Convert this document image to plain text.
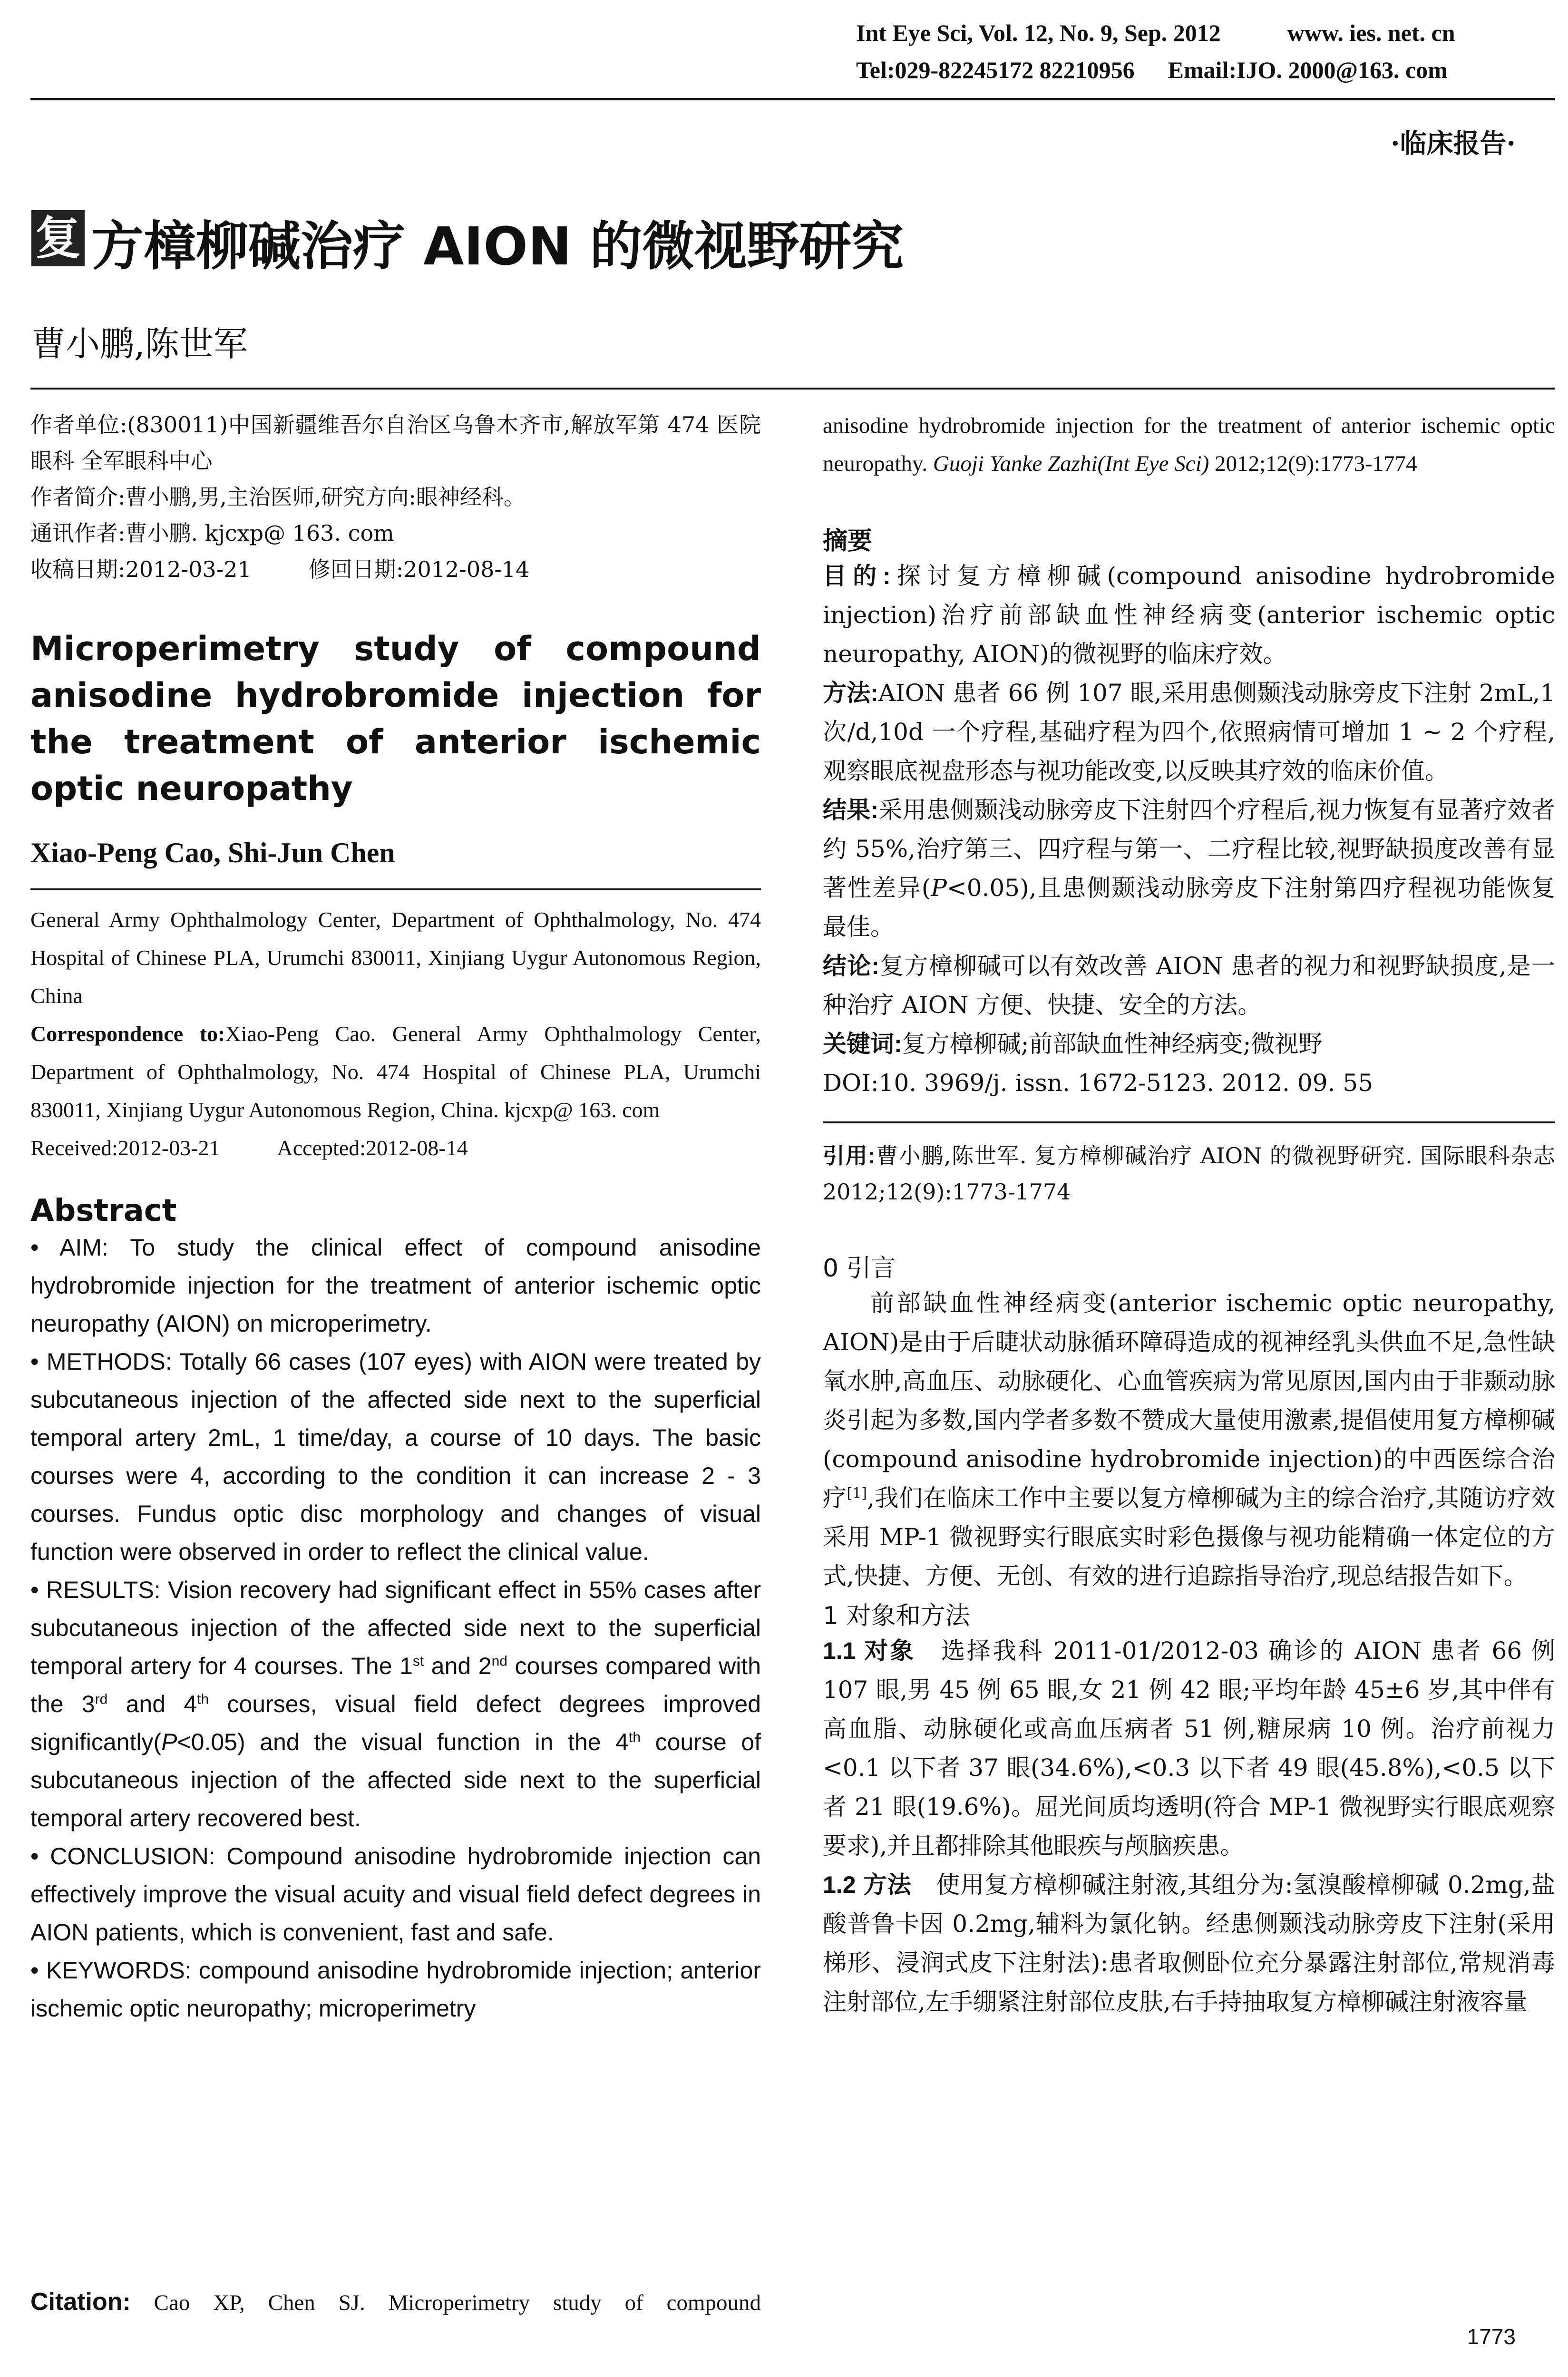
Int Eye Sci, Vol. 12, No. 9, Sep. 2012	www. ies. net. cn
Tel:029-82245172 82210956 Email:IJO. 2000@163. com
·临床报告·
复 方樟柳碱治疗 AION 的微视野研究
曹小鹏,陈世军

作者单位:(830011)中国新疆维吾尔自治区乌鲁木齐市,解放军第 474 医院眼科 全军眼科中心

作者简介:曹小鹏,男,主治医师,研究方向:眼神经科。

通讯作者:曹小鹏. kjcxp@ 163. com

收稿日期:2012-03-21	修回日期:2012-08-14

Microperimetry study of compound anisodine hydrobromide injection for the treatment of anterior ischemic optic neuropathy

Xiao-Peng Cao, Shi-Jun Chen

General Army Ophthalmology Center, Department of Ophthalmology, No. 474 Hospital of Chinese PLA, Urumchi 830011, Xinjiang Uygur Autonomous Region, China

Correspondence to:Xiao-Peng Cao. General Army Ophthalmology Center, Department of Ophthalmology, No. 474 Hospital of Chinese PLA, Urumchi 830011, Xinjiang Uygur Autonomous Region, China. kjcxp@ 163. com

Received:2012-03-21	Accepted:2012-08-14

Abstract

• AIM: To study the clinical effect of compound anisodine hydrobromide injection for the treatment of anterior ischemic optic neuropathy (AION) on microperimetry.

• METHODS: Totally 66 cases (107 eyes) with AION were treated by subcutaneous injection of the affected side next to the superficial temporal artery 2mL, 1 time/day, a course of 10 days. The basic courses were 4, according to the condition it can increase 2 - 3 courses. Fundus optic disc morphology and changes of visual function were observed in order to reflect the clinical value.

• RESULTS: Vision recovery had significant effect in 55% cases after subcutaneous injection of the affected side next to the superficial temporal artery for 4 courses. The 1st and 2nd courses compared with the 3rd and 4th courses, visual field defect degrees improved significantly(P<0.05) and the visual function in the 4th course of subcutaneous injection of the affected side next to the superficial temporal artery recovered best.

• CONCLUSION: Compound anisodine hydrobromide injection can effectively improve the visual acuity and visual field defect degrees in AION patients, which is convenient, fast and safe.

• KEYWORDS: compound anisodine hydrobromide injection; anterior ischemic optic neuropathy; microperimetry

Citation: Cao XP, Chen SJ. Microperimetry study of compound

anisodine hydrobromide injection for the treatment of anterior ischemic optic neuropathy. Guoji Yanke Zazhi(Int Eye Sci) 2012;12(9):1773-1774

摘要

目的:探讨复方樟柳碱(compound anisodine hydrobromide injection)治疗前部缺血性神经病变(anterior ischemic optic neuropathy, AION)的微视野的临床疗效。

方法:AION 患者 66 例 107 眼,采用患侧颞浅动脉旁皮下注射 2mL,1 次/d,10d 一个疗程,基础疗程为四个,依照病情可增加 1 ~ 2 个疗程,观察眼底视盘形态与视功能改变,以反映其疗效的临床价值。

结果:采用患侧颞浅动脉旁皮下注射四个疗程后,视力恢复有显著疗效者约 55%,治疗第三、四疗程与第一、二疗程比较,视野缺损度改善有显著性差异(P<0.05),且患侧颞浅动脉旁皮下注射第四疗程视功能恢复最佳。

结论:复方樟柳碱可以有效改善 AION 患者的视力和视野缺损度,是一种治疗 AION 方便、快捷、安全的方法。

关键词:复方樟柳碱;前部缺血性神经病变;微视野

DOI:10. 3969/j. issn. 1672-5123. 2012. 09. 55

引用:曹小鹏,陈世军. 复方樟柳碱治疗 AION 的微视野研究. 国际眼科杂志 2012;12(9):1773-1774

0 引言

前部缺血性神经病变(anterior ischemic optic neuropathy, AION)是由于后睫状动脉循环障碍造成的视神经乳头供血不足,急性缺氧水肿,高血压、动脉硬化、心血管疾病为常见原因,国内由于非颞动脉炎引起为多数,国内学者多数不赞成大量使用激素,提倡使用复方樟柳碱(compound anisodine hydrobromide injection)的中西医综合治疗[1],我们在临床工作中主要以复方樟柳碱为主的综合治疗,其随访疗效采用 MP-1 微视野实行眼底实时彩色摄像与视功能精确一体定位的方式,快捷、方便、无创、有效的进行追踪指导治疗,现总结报告如下。

1 对象和方法

1.1 对象 选择我科 2011-01/2012-03 确诊的 AION 患者 66 例 107 眼,男 45 例 65 眼,女 21 例 42 眼;平均年龄 45±6 岁,其中伴有高血脂、动脉硬化或高血压病者 51 例,糖尿病 10 例。治疗前视力<0.1 以下者 37 眼(34.6%),<0.3 以下者 49 眼(45.8%),<0.5 以下者 21 眼(19.6%)。屈光间质均透明(符合 MP-1 微视野实行眼底观察要求),并且都排除其他眼疾与颅脑疾患。

1.2 方法 使用复方樟柳碱注射液,其组分为:氢溴酸樟柳碱 0.2mg,盐酸普鲁卡因 0.2mg,辅料为氯化钠。经患侧颞浅动脉旁皮下注射(采用梯形、浸润式皮下注射法):患者取侧卧位充分暴露注射部位,常规消毒注射部位,左手绷紧注射部位皮肤,右手持抽取复方樟柳碱注射液容量

1773
